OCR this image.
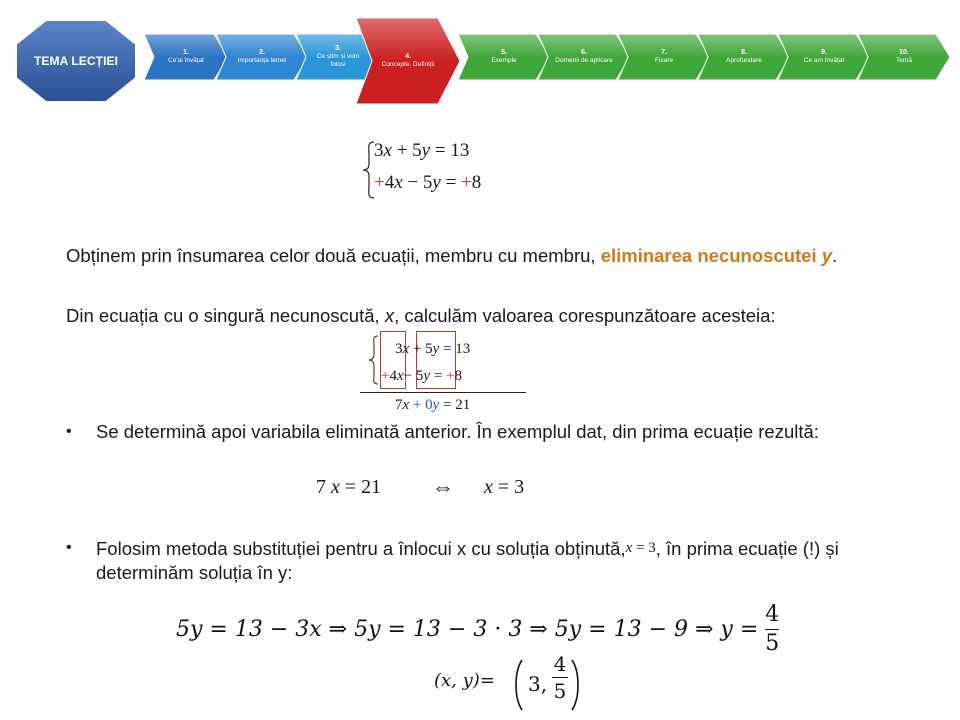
TEMA LECȚIEI
1.
Ce'ai învățat
2.
Importanța temei
3.
Ce știm și vom folosi
4.
Concepte. Definiții
5.
Exemple
6.
Domenii de aplicare
7.
Fixare
8.
Aprofundare
9.
Ce am învățat
10.
Temă
3x + 5y = 13
+4x − 5y = +8
Obținem prin însumarea celor două ecuații, membru cu membru, eliminarea necunoscutei y.
Din ecuația cu o singură necunoscută, x, calculăm valoarea corespunzătoare acesteia:
3x + 5y = 13
+4x− 5y = +8
7x + 0y = 21
• Se determină apoi variabila eliminată anterior. În exemplul dat, din prima ecuație rezultă:
7 x = 21 ⇔ x = 3
• Folosim metoda substituției pentru a înlocui x cu soluția obținută,x = 3, în prima ecuație (!) și determinăm soluția în y:
5𝑦 = 13 − 3𝑥 ⇒ 5𝑦 = 13 − 3 · 3 ⇒ 5𝑦 = 13 − 9 ⇒ 𝑦 = $\frac{4}{5}$
(𝑥, 𝑦)= 3, $\frac{4}{5}$
